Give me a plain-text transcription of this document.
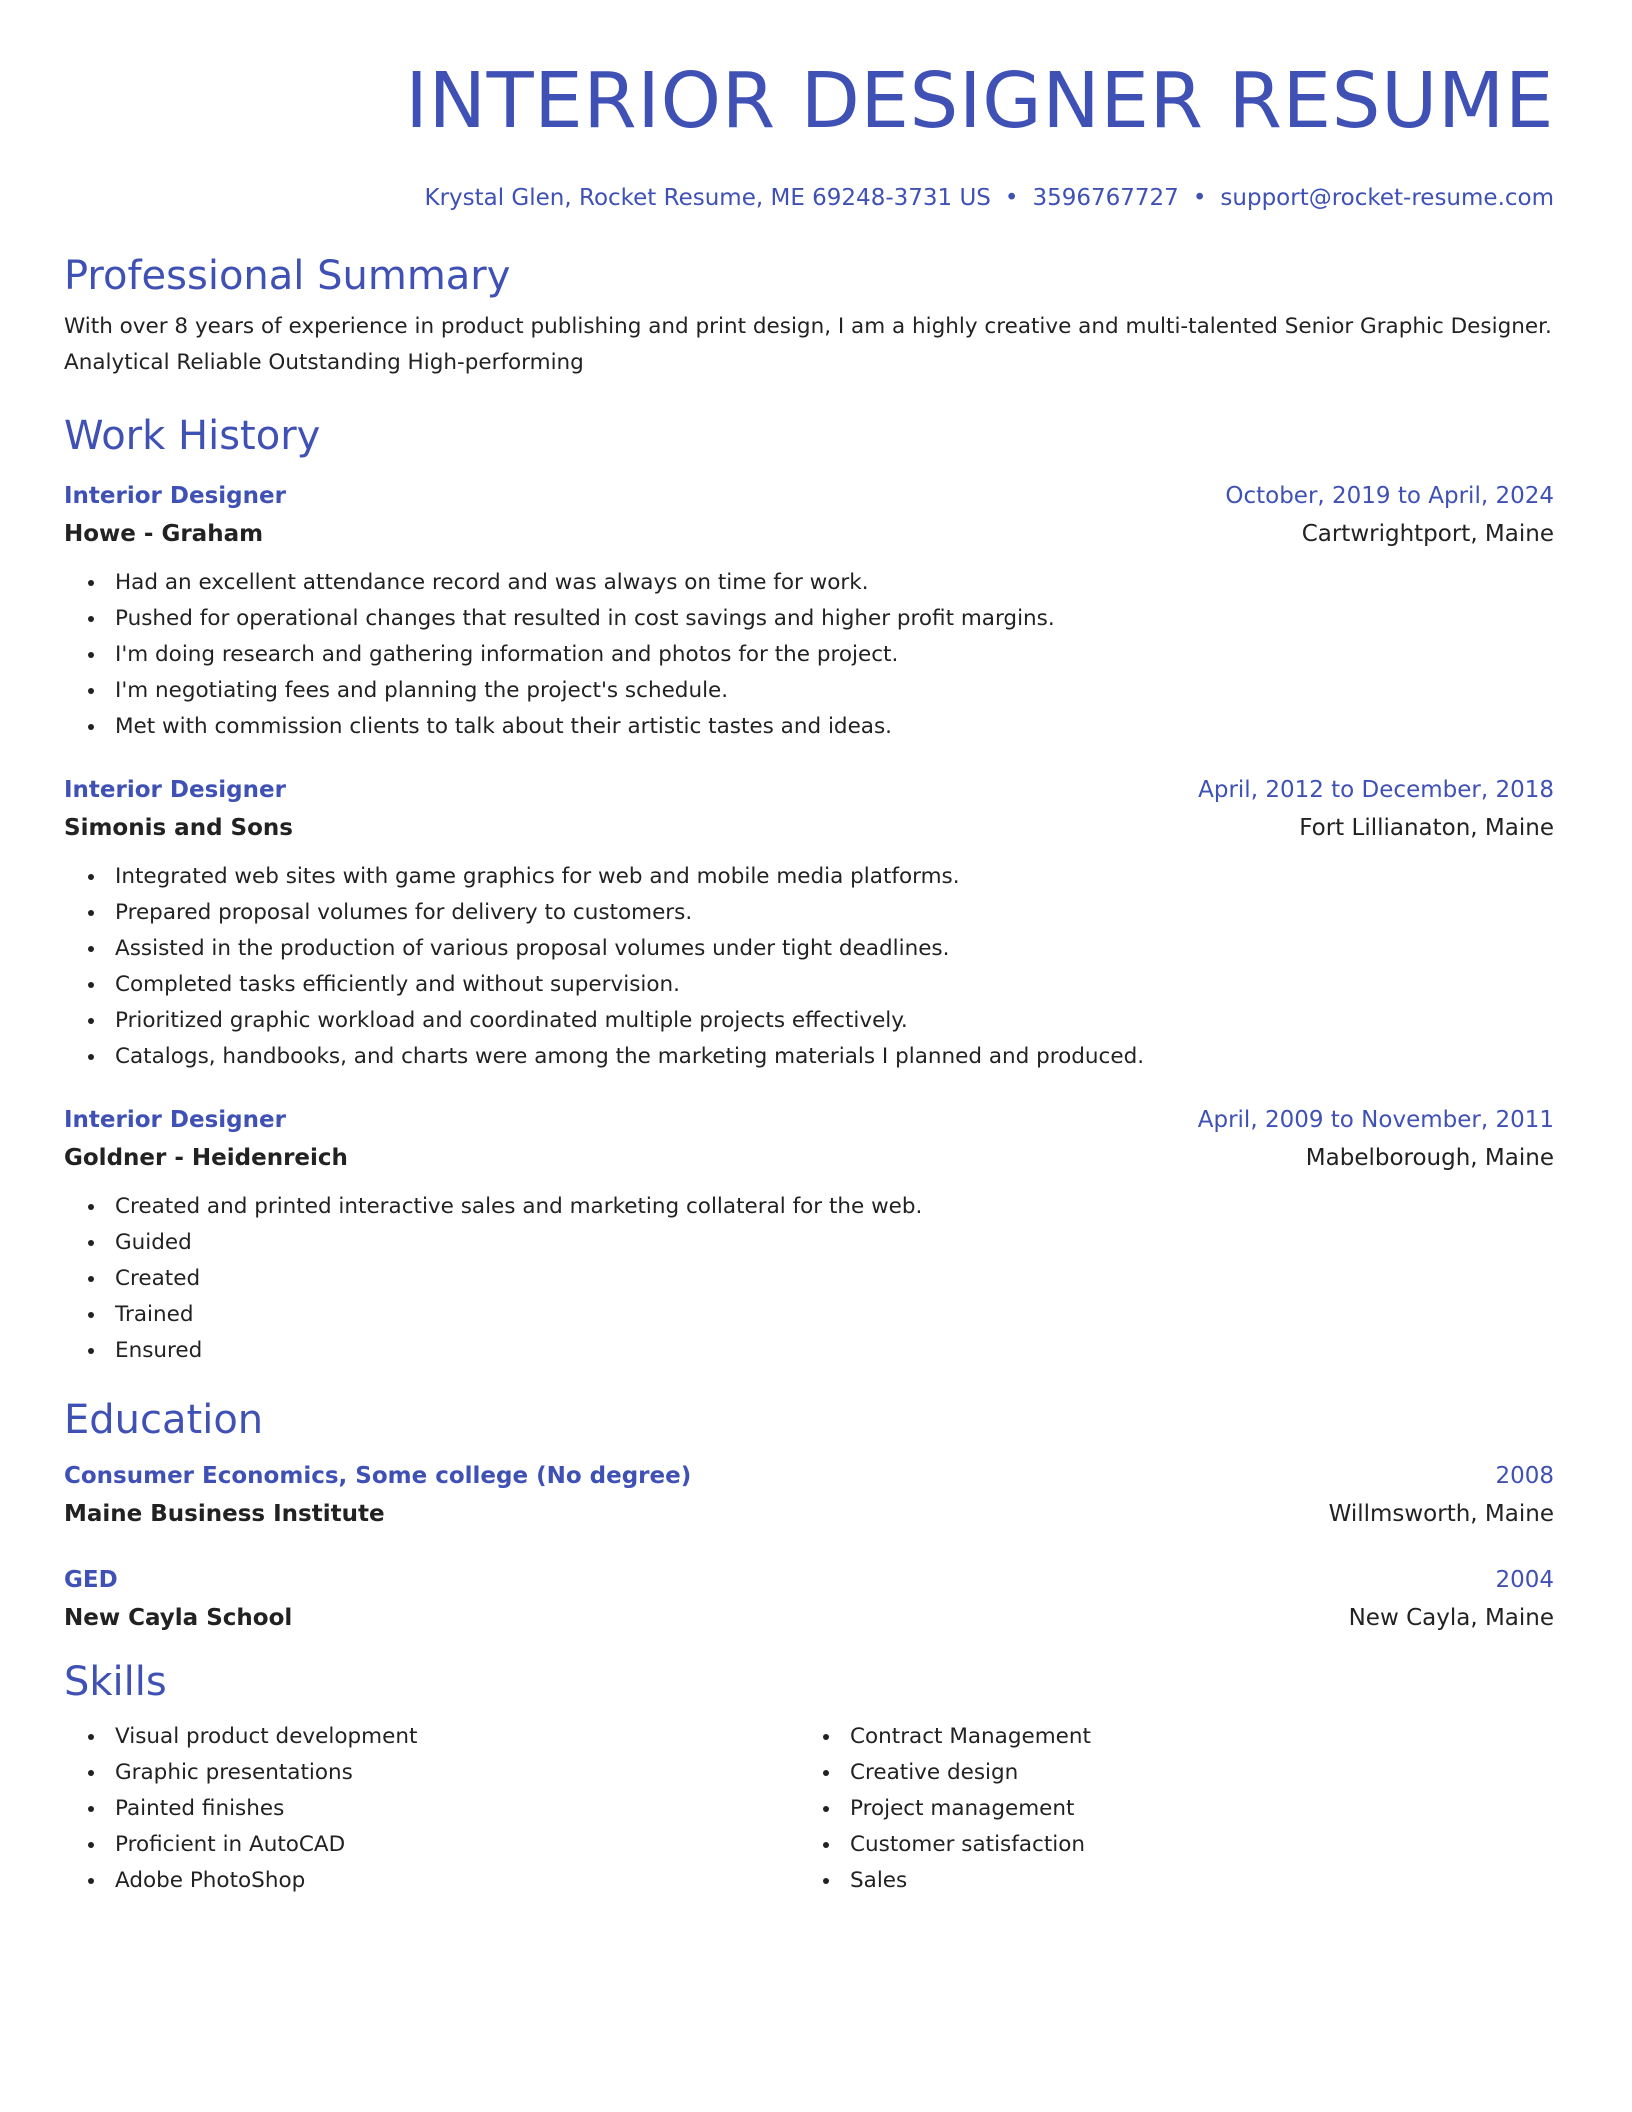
INTERIOR DESIGNER RESUME
Krystal Glen, Rocket Resume, ME 69248-3731 US • 3596767727 • support@rocket-resume.com
Professional Summary
With over 8 years of experience in product publishing and print design, I am a highly creative and multi-talented Senior Graphic Designer. Analytical Reliable Outstanding High-performing
Work History
Interior Designer	October, 2019 to April, 2024
Howe - Graham	Cartwrightport, Maine
• Had an excellent attendance record and was always on time for work.
• Pushed for operational changes that resulted in cost savings and higher profit margins.
• I'm doing research and gathering information and photos for the project.
• I'm negotiating fees and planning the project's schedule.
• Met with commission clients to talk about their artistic tastes and ideas.
Interior Designer	April, 2012 to December, 2018
Simonis and Sons	Fort Lillianaton, Maine
• Integrated web sites with game graphics for web and mobile media platforms.
• Prepared proposal volumes for delivery to customers.
• Assisted in the production of various proposal volumes under tight deadlines.
• Completed tasks efficiently and without supervision.
• Prioritized graphic workload and coordinated multiple projects effectively.
• Catalogs, handbooks, and charts were among the marketing materials I planned and produced.
Interior Designer	April, 2009 to November, 2011
Goldner - Heidenreich	Mabelborough, Maine
• Created and printed interactive sales and marketing collateral for the web.
• Guided
• Created
• Trained
• Ensured
Education
Consumer Economics, Some college (No degree)	2008
Maine Business Institute	Willmsworth, Maine
GED	2004
New Cayla School	New Cayla, Maine
Skills
• Visual product development
• Graphic presentations
• Painted finishes
• Proficient in AutoCAD
• Adobe PhotoShop
• Contract Management
• Creative design
• Project management
• Customer satisfaction
• Sales
